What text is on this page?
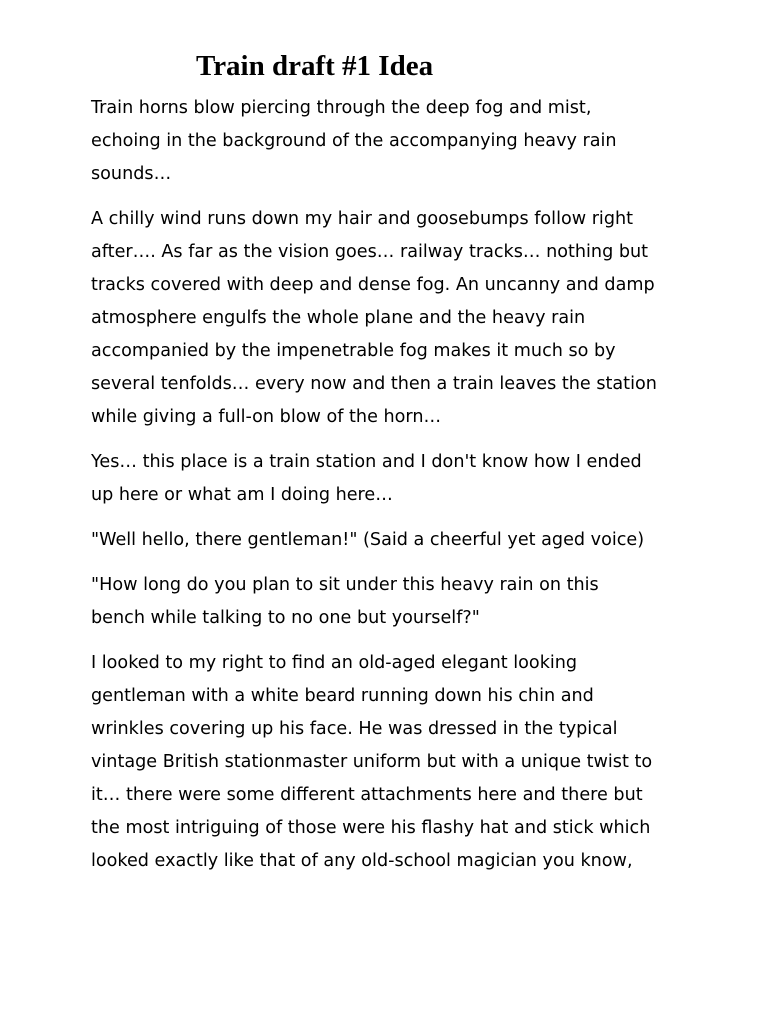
Train draft #1 Idea

Train horns blow piercing through the deep fog and mist,
echoing in the background of the accompanying heavy rain
sounds…

A chilly wind runs down my hair and goosebumps follow right
after…. As far as the vision goes… railway tracks… nothing but
tracks covered with deep and dense fog. An uncanny and damp
atmosphere engulfs the whole plane and the heavy rain
accompanied by the impenetrable fog makes it much so by
several tenfolds… every now and then a train leaves the station
while giving a full-on blow of the horn…

Yes… this place is a train station and I don't know how I ended
up here or what am I doing here…

"Well hello, there gentleman!" (Said a cheerful yet aged voice)

"How long do you plan to sit under this heavy rain on this
bench while talking to no one but yourself?"

I looked to my right to find an old-aged elegant looking
gentleman with a white beard running down his chin and
wrinkles covering up his face. He was dressed in the typical
vintage British stationmaster uniform but with a unique twist to
it… there were some different attachments here and there but
the most intriguing of those were his flashy hat and stick which
looked exactly like that of any old-school magician you know,
